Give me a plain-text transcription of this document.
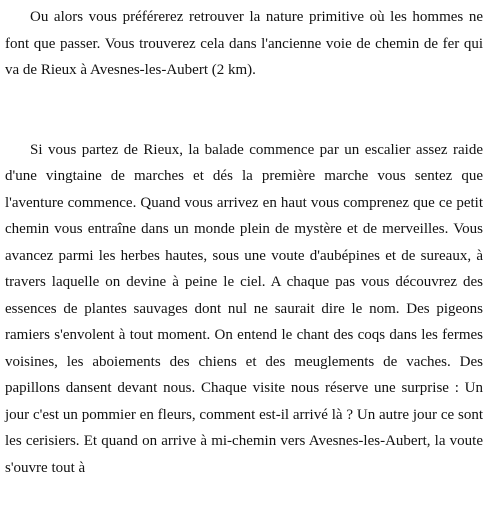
Ou alors vous préférerez retrouver la nature primitive où les hommes ne font que passer. Vous trouverez cela dans l'ancienne voie de chemin de fer qui va de Rieux à Avesnes-les-Aubert (2 km).

Si vous partez de Rieux, la balade commence par un escalier assez raide d'une vingtaine de marches et dés la première marche vous sentez que l'aventure commence. Quand vous arrivez en haut vous comprenez que ce petit chemin vous entraîne dans un monde plein de mystère et de merveilles. Vous avancez parmi les herbes hautes, sous une voute d'aubépines et de sureaux, à travers laquelle on devine à peine le ciel. A chaque pas vous découvrez des essences de plantes sauvages dont nul ne saurait dire le nom. Des pigeons ramiers s'envolent à tout moment. On entend le chant des coqs dans les fermes voisines, les aboiements des chiens et des meuglements de vaches. Des papillons dansent devant nous. Chaque visite nous réserve une surprise : Un jour c'est un pommier en fleurs, comment est-il arrivé là ? Un autre jour ce sont les cerisiers. Et quand on arrive à mi-chemin vers Avesnes-les-Aubert, la voute s'ouvre tout à
